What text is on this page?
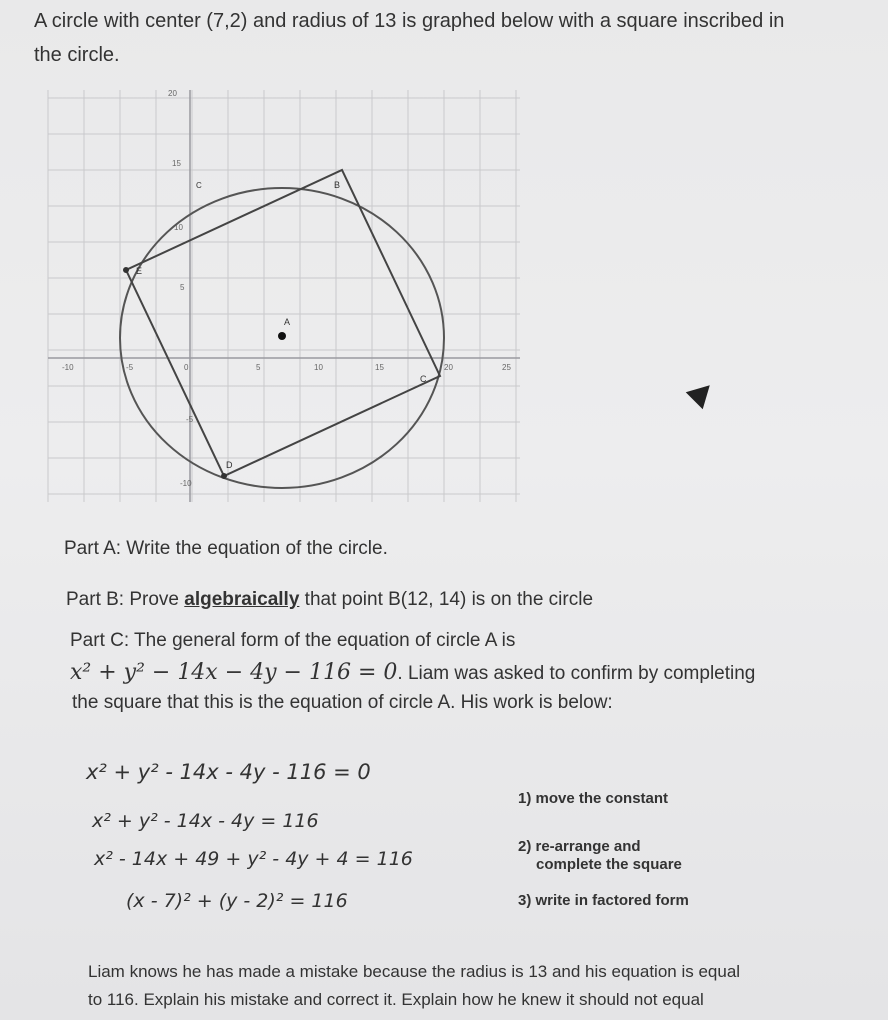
A circle with center (7,2) and radius of 13 is graphed below with a square inscribed in
the circle.
-10	-5	0	5	10	15	20	25
20
15
10
5
-5
-10
A
B
C
D
E
C
Part A: Write the equation of the circle.
Part B: Prove algebraically that point B(12, 14) is on the circle
Part C: The general form of the equation of circle A is
x² + y² − 14x − 4y − 116 = 0. Liam was asked to confirm by completing
the square that this is the equation of circle A. His work is below:
x² + y² - 14x - 4y - 116 = 0
x² + y² - 14x - 4y = 116
x² - 14x + 49 + y² - 4y + 4 = 116
(x - 7)² + (y - 2)² = 116
1) move the constant
2) re-arrange and
complete the square
3) write in factored form
Liam knows he has made a mistake because the radius is 13 and his equation is equal
to 116. Explain his mistake and correct it. Explain how he knew it should not equal
